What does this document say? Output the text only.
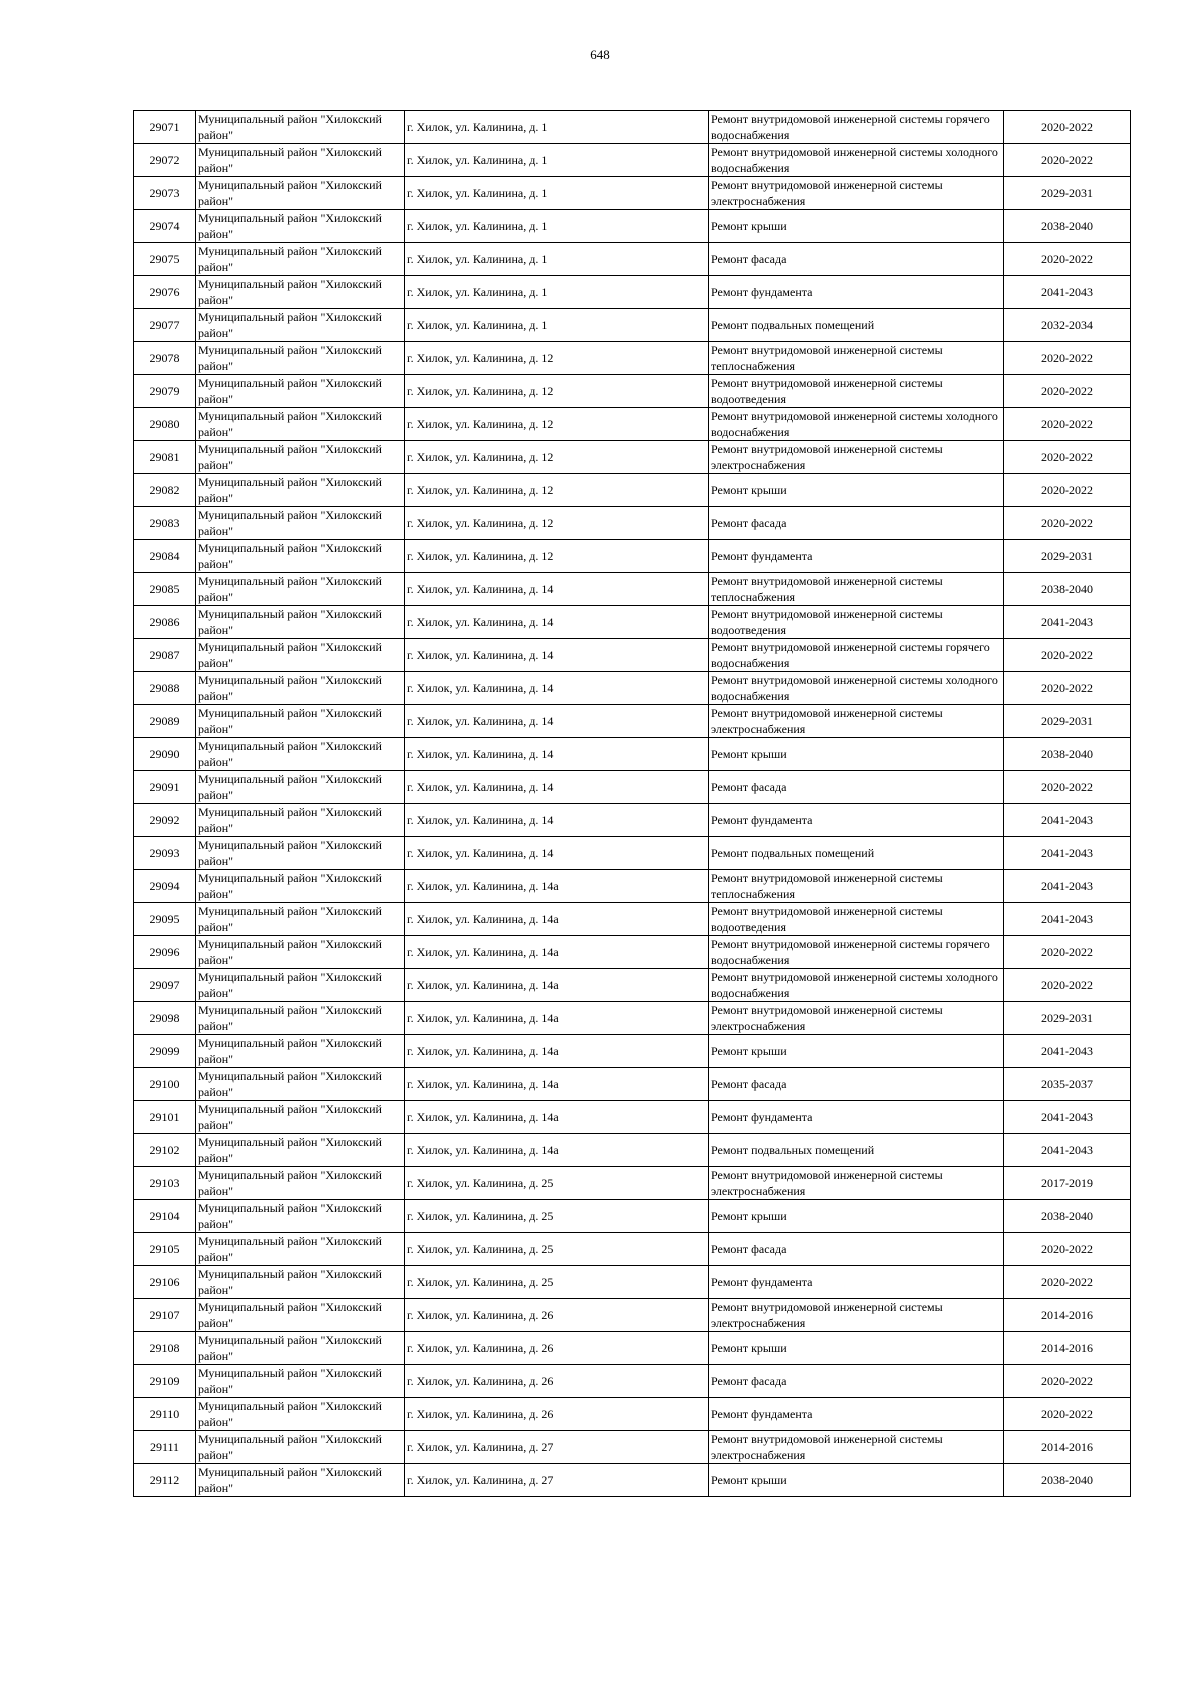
648
29071	Муниципальный район "Хилокский район"	г. Хилок, ул. Калинина, д. 1	Ремонт внутридомовой инженерной системы горячего водоснабжения	2020-2022
29072	Муниципальный район "Хилокский район"	г. Хилок, ул. Калинина, д. 1	Ремонт внутридомовой инженерной системы холодного водоснабжения	2020-2022
29073	Муниципальный район "Хилокский район"	г. Хилок, ул. Калинина, д. 1	Ремонт внутридомовой инженерной системы электроснабжения	2029-2031
29074	Муниципальный район "Хилокский район"	г. Хилок, ул. Калинина, д. 1	Ремонт крыши	2038-2040
29075	Муниципальный район "Хилокский район"	г. Хилок, ул. Калинина, д. 1	Ремонт фасада	2020-2022
29076	Муниципальный район "Хилокский район"	г. Хилок, ул. Калинина, д. 1	Ремонт фундамента	2041-2043
29077	Муниципальный район "Хилокский район"	г. Хилок, ул. Калинина, д. 1	Ремонт подвальных помещений	2032-2034
29078	Муниципальный район "Хилокский район"	г. Хилок, ул. Калинина, д. 12	Ремонт внутридомовой инженерной системы теплоснабжения	2020-2022
29079	Муниципальный район "Хилокский район"	г. Хилок, ул. Калинина, д. 12	Ремонт внутридомовой инженерной системы водоотведения	2020-2022
29080	Муниципальный район "Хилокский район"	г. Хилок, ул. Калинина, д. 12	Ремонт внутридомовой инженерной системы холодного водоснабжения	2020-2022
29081	Муниципальный район "Хилокский район"	г. Хилок, ул. Калинина, д. 12	Ремонт внутридомовой инженерной системы электроснабжения	2020-2022
29082	Муниципальный район "Хилокский район"	г. Хилок, ул. Калинина, д. 12	Ремонт крыши	2020-2022
29083	Муниципальный район "Хилокский район"	г. Хилок, ул. Калинина, д. 12	Ремонт фасада	2020-2022
29084	Муниципальный район "Хилокский район"	г. Хилок, ул. Калинина, д. 12	Ремонт фундамента	2029-2031
29085	Муниципальный район "Хилокский район"	г. Хилок, ул. Калинина, д. 14	Ремонт внутридомовой инженерной системы теплоснабжения	2038-2040
29086	Муниципальный район "Хилокский район"	г. Хилок, ул. Калинина, д. 14	Ремонт внутридомовой инженерной системы водоотведения	2041-2043
29087	Муниципальный район "Хилокский район"	г. Хилок, ул. Калинина, д. 14	Ремонт внутридомовой инженерной системы горячего водоснабжения	2020-2022
29088	Муниципальный район "Хилокский район"	г. Хилок, ул. Калинина, д. 14	Ремонт внутридомовой инженерной системы холодного водоснабжения	2020-2022
29089	Муниципальный район "Хилокский район"	г. Хилок, ул. Калинина, д. 14	Ремонт внутридомовой инженерной системы электроснабжения	2029-2031
29090	Муниципальный район "Хилокский район"	г. Хилок, ул. Калинина, д. 14	Ремонт крыши	2038-2040
29091	Муниципальный район "Хилокский район"	г. Хилок, ул. Калинина, д. 14	Ремонт фасада	2020-2022
29092	Муниципальный район "Хилокский район"	г. Хилок, ул. Калинина, д. 14	Ремонт фундамента	2041-2043
29093	Муниципальный район "Хилокский район"	г. Хилок, ул. Калинина, д. 14	Ремонт подвальных помещений	2041-2043
29094	Муниципальный район "Хилокский район"	г. Хилок, ул. Калинина, д. 14а	Ремонт внутридомовой инженерной системы теплоснабжения	2041-2043
29095	Муниципальный район "Хилокский район"	г. Хилок, ул. Калинина, д. 14а	Ремонт внутридомовой инженерной системы водоотведения	2041-2043
29096	Муниципальный район "Хилокский район"	г. Хилок, ул. Калинина, д. 14а	Ремонт внутридомовой инженерной системы горячего водоснабжения	2020-2022
29097	Муниципальный район "Хилокский район"	г. Хилок, ул. Калинина, д. 14а	Ремонт внутридомовой инженерной системы холодного водоснабжения	2020-2022
29098	Муниципальный район "Хилокский район"	г. Хилок, ул. Калинина, д. 14а	Ремонт внутридомовой инженерной системы электроснабжения	2029-2031
29099	Муниципальный район "Хилокский район"	г. Хилок, ул. Калинина, д. 14а	Ремонт крыши	2041-2043
29100	Муниципальный район "Хилокский район"	г. Хилок, ул. Калинина, д. 14а	Ремонт фасада	2035-2037
29101	Муниципальный район "Хилокский район"	г. Хилок, ул. Калинина, д. 14а	Ремонт фундамента	2041-2043
29102	Муниципальный район "Хилокский район"	г. Хилок, ул. Калинина, д. 14а	Ремонт подвальных помещений	2041-2043
29103	Муниципальный район "Хилокский район"	г. Хилок, ул. Калинина, д. 25	Ремонт внутридомовой инженерной системы электроснабжения	2017-2019
29104	Муниципальный район "Хилокский район"	г. Хилок, ул. Калинина, д. 25	Ремонт крыши	2038-2040
29105	Муниципальный район "Хилокский район"	г. Хилок, ул. Калинина, д. 25	Ремонт фасада	2020-2022
29106	Муниципальный район "Хилокский район"	г. Хилок, ул. Калинина, д. 25	Ремонт фундамента	2020-2022
29107	Муниципальный район "Хилокский район"	г. Хилок, ул. Калинина, д. 26	Ремонт внутридомовой инженерной системы электроснабжения	2014-2016
29108	Муниципальный район "Хилокский район"	г. Хилок, ул. Калинина, д. 26	Ремонт крыши	2014-2016
29109	Муниципальный район "Хилокский район"	г. Хилок, ул. Калинина, д. 26	Ремонт фасада	2020-2022
29110	Муниципальный район "Хилокский район"	г. Хилок, ул. Калинина, д. 26	Ремонт фундамента	2020-2022
29111	Муниципальный район "Хилокский район"	г. Хилок, ул. Калинина, д. 27	Ремонт внутридомовой инженерной системы электроснабжения	2014-2016
29112	Муниципальный район "Хилокский район"	г. Хилок, ул. Калинина, д. 27	Ремонт крыши	2038-2040
